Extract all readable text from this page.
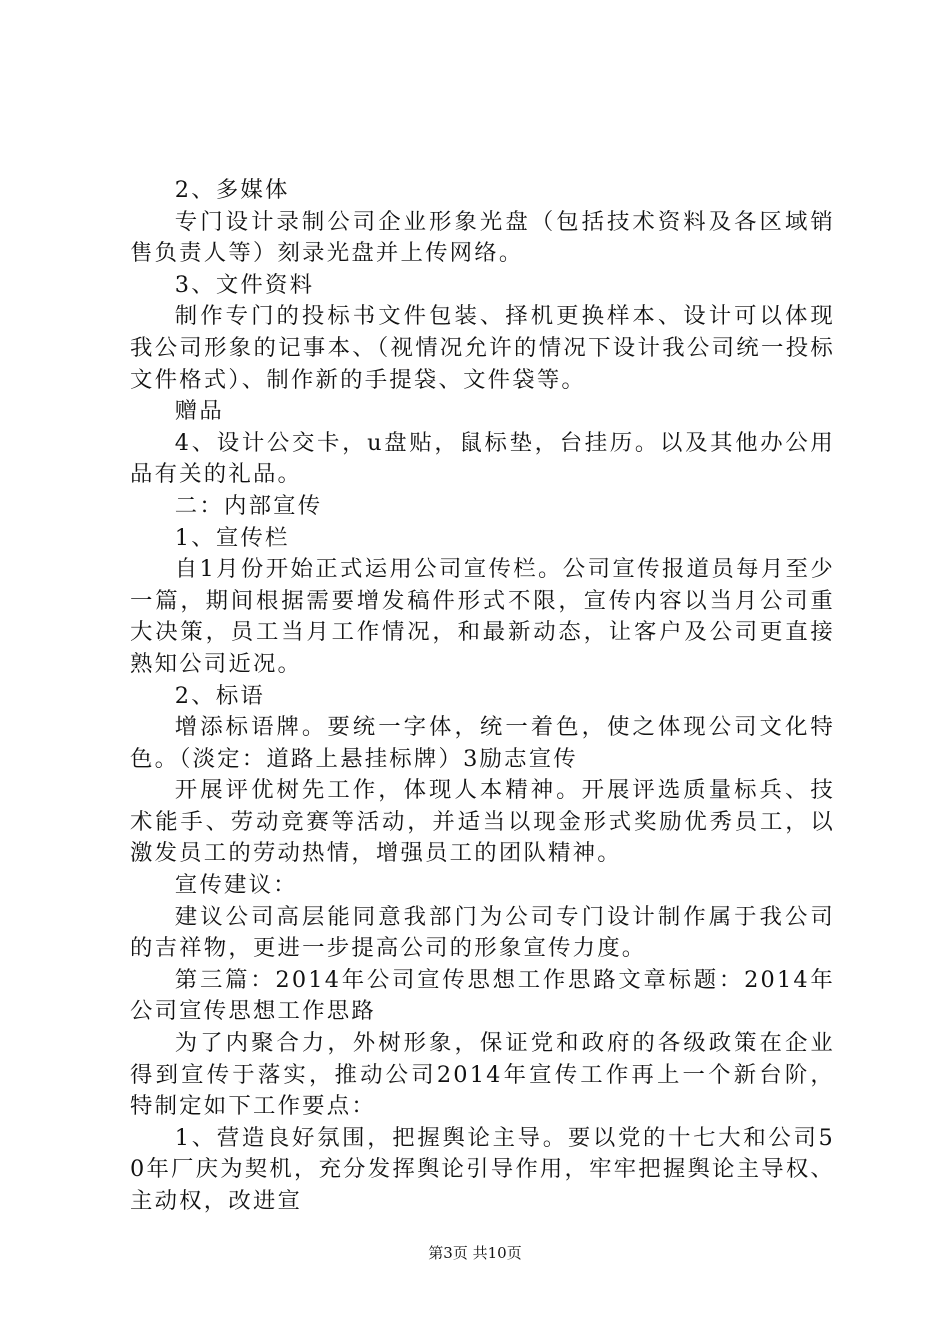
2、多媒体

专门设计录制公司企业形象光盘（包括技术资料及各区域销售负责人等）刻录光盘并上传网络。

3、文件资料

制作专门的投标书文件包装、择机更换样本、设计可以体现我公司形象的记事本、（视情况允许的情况下设计我公司统一投标文件格式）、制作新的手提袋、文件袋等。

赠品

4、设计公交卡，u盘贴，鼠标垫，台挂历。以及其他办公用品有关的礼品。

二：内部宣传

1、宣传栏

自1月份开始正式运用公司宣传栏。公司宣传报道员每月至少一篇，期间根据需要增发稿件形式不限，宣传内容以当月公司重大决策，员工当月工作情况，和最新动态，让客户及公司更直接熟知公司近况。

2、标语

增添标语牌。要统一字体，统一着色，使之体现公司文化特色。（淡定：道路上悬挂标牌）3励志宣传

开展评优树先工作，体现人本精神。开展评选质量标兵、技术能手、劳动竞赛等活动，并适当以现金形式奖励优秀员工，以激发员工的劳动热情，增强员工的团队精神。

宣传建议：

建议公司高层能同意我部门为公司专门设计制作属于我公司的吉祥物，更进一步提高公司的形象宣传力度。

第三篇：2014年公司宣传思想工作思路文章标题：2014年公司宣传思想工作思路

为了内聚合力，外树形象，保证党和政府的各级政策在企业得到宣传于落实，推动公司2014年宣传工作再上一个新台阶，特制定如下工作要点：

1、营造良好氛围，把握舆论主导。要以党的十七大和公司50年厂庆为契机，充分发挥舆论引导作用，牢牢把握舆论主导权、主动权，改进宣

第3页 共10页
